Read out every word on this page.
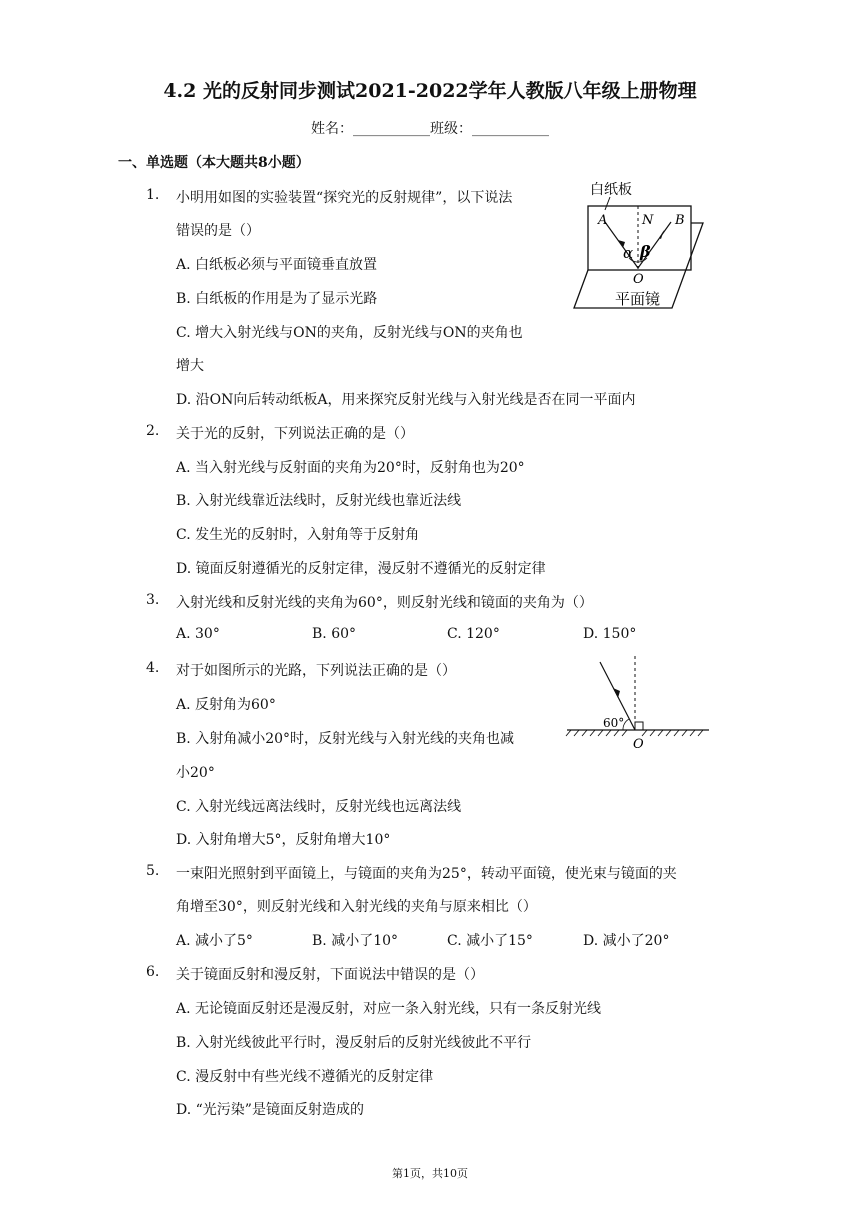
4.2 光的反射同步测试2021-2022学年人教版八年级上册物理
姓名：___________班级：___________
一、单选题（本大题共8小题）
1. 小明用如图的实验装置“探究光的反射规律”，以下说法
错误的是（）
A. 白纸板必须与平面镜垂直放置
B. 白纸板的作用是为了显示光路
C. 增大入射光线与ON的夹角，反射光线与ON的夹角也
增大
D. 沿ON向后转动纸板A，用来探究反射光线与入射光线是否在同一平面内
白纸板
A	N B
α β
O
平面镜
2. 关于光的反射，下列说法正确的是（）
A. 当入射光线与反射面的夹角为20°时，反射角也为20°
B. 入射光线靠近法线时，反射光线也靠近法线
C. 发生光的反射时，入射角等于反射角
D. 镜面反射遵循光的反射定律，漫反射不遵循光的反射定律
3. 入射光线和反射光线的夹角为60°，则反射光线和镜面的夹角为（）
A. 30°	B. 60°	C. 120°	D. 150°
4. 对于如图所示的光路，下列说法正确的是（）
A. 反射角为60°
B. 入射角减小20°时，反射光线与入射光线的夹角也减
小20°
C. 入射光线远离法线时，反射光线也远离法线
D. 入射角增大5°，反射角增大10°
60°
O
5. 一束阳光照射到平面镜上，与镜面的夹角为25°，转动平面镜，使光束与镜面的夹
角增至30°，则反射光线和入射光线的夹角与原来相比（）
A. 减小了5°	B. 减小了10°	C. 减小了15°	D. 减小了20°
6. 关于镜面反射和漫反射，下面说法中错误的是（）
A. 无论镜面反射还是漫反射，对应一条入射光线，只有一条反射光线
B. 入射光线彼此平行时，漫反射后的反射光线彼此不平行
C. 漫反射中有些光线不遵循光的反射定律
D. “光污染”是镜面反射造成的
第1页，共10页
